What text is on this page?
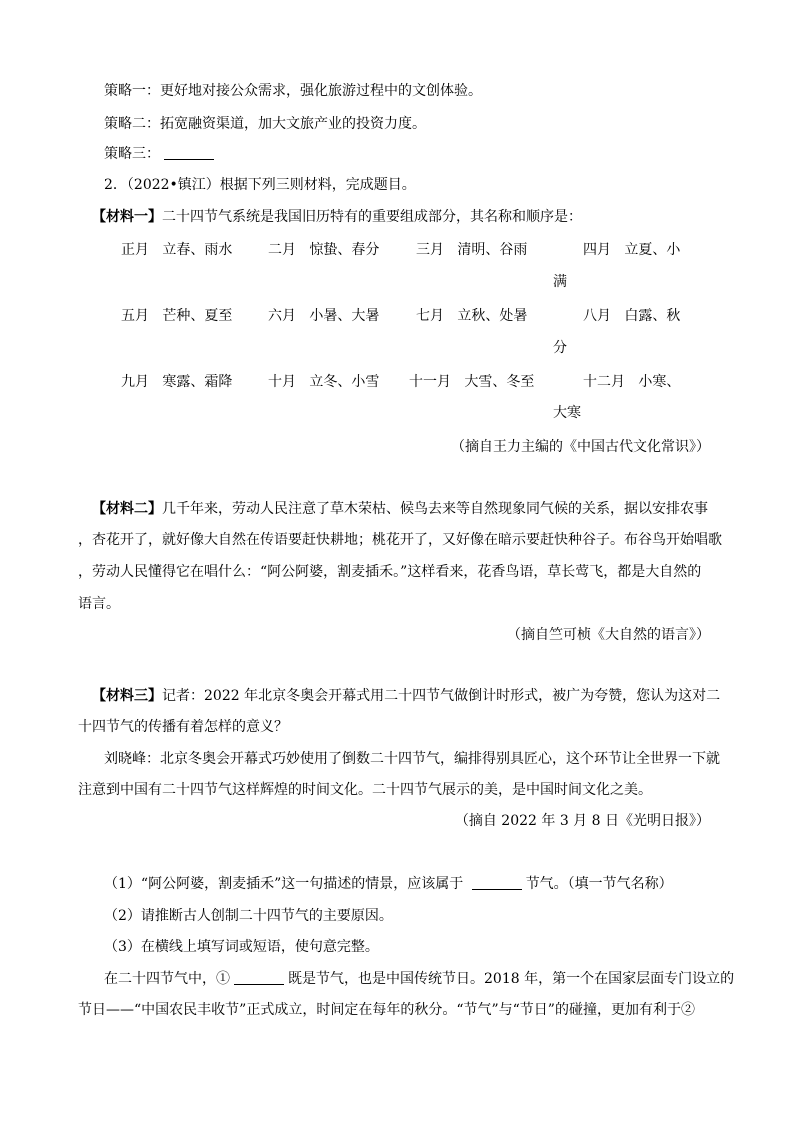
策略一：更好地对接公众需求，强化旅游过程中的文创体验。
策略二：拓宽融资渠道，加大文旅产业的投资力度。
策略三：
2．（2022•镇江）根据下列三则材料，完成题目。
【材料一】二十四节气系统是我国旧历特有的重要组成部分，其名称和顺序是：
正月 立春、雨水	二月 惊蛰、春分	三月 清明、谷雨	四月 立夏、小
满
五月 芒种、夏至	六月 小暑、大暑	七月 立秋、处暑	八月 白露、秋
分
九月 寒露、霜降	十月 立冬、小雪 十一月 大雪、冬至	十二月 小寒、
大寒
（摘自王力主编的《中国古代文化常识》）
【材料二】几千年来，劳动人民注意了草木荣枯、候鸟去来等自然现象同气候的关系，据以安排农事
，杏花开了，就好像大自然在传语要赶快耕地；桃花开了，又好像在暗示要赶快种谷子。布谷鸟开始唱歌
，劳动人民懂得它在唱什么：“阿公阿婆，割麦插禾。”这样看来，花香鸟语，草长莺飞，都是大自然的
语言。
（摘自竺可桢《大自然的语言》）
【材料三】记者：2022 年北京冬奥会开幕式用二十四节气做倒计时形式，被广为夸赞，您认为这对二
十四节气的传播有着怎样的意义？
刘晓峰：北京冬奥会开幕式巧妙使用了倒数二十四节气，编排得别具匠心，这个环节让全世界一下就
注意到中国有二十四节气这样辉煌的时间文化。二十四节气展示的美，是中国时间文化之美。
（摘自 2022 年 3 月 8 日《光明日报》）
（1）“阿公阿婆，割麦插禾”这一句描述的情景，应该属于	节气。（填一节气名称）
（2）请推断古人创制二十四节气的主要原因。
（3）在横线上填写词或短语，使句意完整。
在二十四节气中，①	既是节气，也是中国传统节日。2018 年，第一个在国家层面专门设立的
节日——“中国农民丰收节”正式成立，时间定在每年的秋分。“节气”与“节日”的碰撞，更加有利于②
